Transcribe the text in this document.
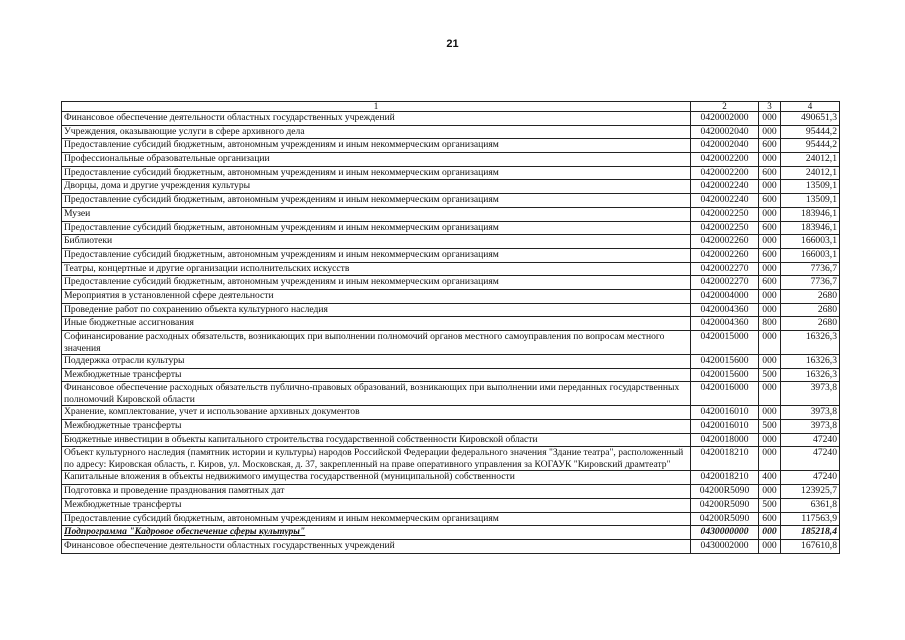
21
1	2	3	4
Финансовое обеспечение деятельности областных государственных учреждений	0420002000	000	490651,3
Учреждения, оказывающие услуги в сфере архивного дела	0420002040	000	95444,2
Предоставление субсидий бюджетным, автономным учреждениям и иным некоммерческим организациям	0420002040	600	95444,2
Профессиональные образовательные организации	0420002200	000	24012,1
Предоставление субсидий бюджетным, автономным учреждениям и иным некоммерческим организациям	0420002200	600	24012,1
Дворцы, дома и другие учреждения культуры	0420002240	000	13509,1
Предоставление субсидий бюджетным, автономным учреждениям и иным некоммерческим организациям	0420002240	600	13509,1
Музеи	0420002250	000	183946,1
Предоставление субсидий бюджетным, автономным учреждениям и иным некоммерческим организациям	0420002250	600	183946,1
Библиотеки	0420002260	000	166003,1
Предоставление субсидий бюджетным, автономным учреждениям и иным некоммерческим организациям	0420002260	600	166003,1
Театры, концертные и другие организации исполнительских искусств	0420002270	000	7736,7
Предоставление субсидий бюджетным, автономным учреждениям и иным некоммерческим организациям	0420002270	600	7736,7
Мероприятия в установленной сфере деятельности	0420004000	000	2680
Проведение работ по сохранению объекта культурного наследия	0420004360	000	2680
Иные бюджетные ассигнования	0420004360	800	2680
Софинансирование расходных обязательств, возникающих при выполнении полномочий органов местного самоуправления по вопросам местного значения	0420015000	000	16326,3
Поддержка отрасли культуры	0420015600	000	16326,3
Межбюджетные трансферты	0420015600	500	16326,3
Финансовое обеспечение расходных обязательств публично-правовых образований, возникающих при выполнении ими переданных государственных полномочий Кировской области	0420016000	000	3973,8
Хранение, комплектование, учет и использование архивных документов	0420016010	000	3973,8
Межбюджетные трансферты	0420016010	500	3973,8
Бюджетные инвестиции в объекты капитального строительства государственной собственности Кировской области	0420018000	000	47240
Объект культурного наследия (памятник истории и культуры) народов Российской Федерации федерального значения "Здание театра", расположенный по адресу: Кировская область, г. Киров, ул. Московская, д. 37, закрепленный на праве оперативного управления за КОГАУК "Кировский драмтеатр"	0420018210	000	47240
Капитальные вложения в объекты недвижимого имущества государственной (муниципальной) собственности	0420018210	400	47240
Подготовка и проведение празднования памятных дат	04200R5090	000	123925,7
Межбюджетные трансферты	04200R5090	500	6361,8
Предоставление субсидий бюджетным, автономным учреждениям и иным некоммерческим организациям	04200R5090	600	117563,9
Подпрограмма "Кадровое обеспечение сферы культуры"	0430000000	000	185218,4
Финансовое обеспечение деятельности областных государственных учреждений	0430002000	000	167610,8
